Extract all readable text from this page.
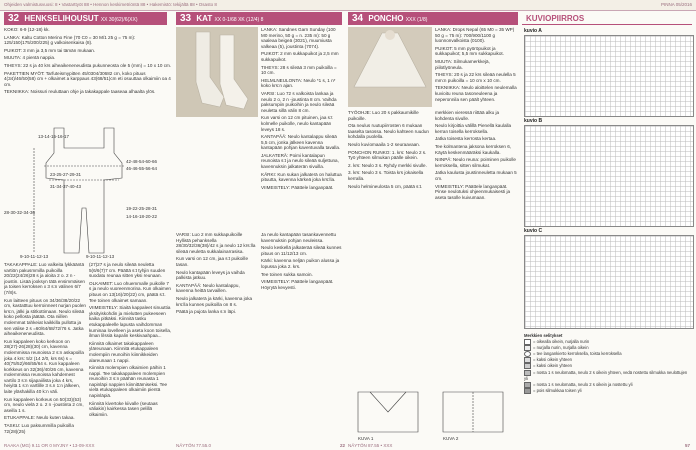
Ohjeiden valmistusvuosi: 8 • Vastarttyöt 88 • Hennon keskimetriöntä 88 • Hakemistö: tekijältä 88 • Osasto 8	PINNA 05/2016
32 HENKSELIHOUSUT XX 30(62)/6(XX)

KOKO: 6-9 (12-18) kk.

LANKA: Kaltu Cotton Merino Fine (70 C0 = 30 M/1 25 g = 75 m): 125/150(175/200/225) g valkoisenkaisa (8).

PUIKOT: 3 mm ja 3,5 mm tai tämän mukaan.

MUUTA: 4 pientä nappia.

TIHEYS: 22 s ja 40 krs aiheaikeneneudista pukunneosta ole 5 (mm) = 10 x 10 cm.

PAKETTIEN MYÖT: Tarfuteismypitten 45/0304/30682 cm, koko pituus 4(34)/46/50(58) cm + olkaimet a karppaus 43(68/51)cm eti osuuttaa olkaimiin oa 4 cm.

TEKNIIKKA: Noissuri reuluttaan ohje ja takakappale taaseaa alhaalta ylös.

13-14-15-16-17
42-48-54-60-66
46-46-55-56-64
23-25-27-29-31
31-34-37-40-43
28-30-32-34-36
19-22-25-28-31
14-16-18-20-22
9-10-11-12-13	9-10-11-12-13

TAKAKAPPALE: Luo valkeita lykkääntä vartiön pakusmmilla puikoilla 20/22(24/26)28 s ja aloita 2 o. 2 n -joustin. Lisää jooksyn tätä ensimmäisen ja toisen kerroksen x 3 s:n välinen 6/7 (7/8)s.

Kun laitteen pituus on 34/36/38/20/22 cm, kastatttuu kerroinneet nurjan puolen krs:n, jälki ja stitkottimaan. Neulo sileää koko pellosta jäätää. Ota niillen molemmat tahkeiat kaikkilla pullotta ja sen välise 2 s =60/64/68/72/76 s. Jatka aiheaikeneneudista.

Kun kappaleen koko kerkoon on 28(27)-26(28)(30) cm, kavenna molemmissa reunoissa 2 s:n askapoilla joka 4 krs: 5/2 (14 2/0, krs 6s) s = 40(75/52)/66/55/64 s. Kun kappaleen korkkeus on 32(36)/40/26 cm, kavenna molemmissa reunoissa kahdemest vartilo 3 s:n sijapaiilista joka 4 krs, heiyitä 1 s:n vartlille 3 s.n 1:n jälkeen, laite yläshakilla 40 k:n väli.

Kun kappaleen korkeus on 50(33)(53) cm, neulo vielä 2 o. 2 n -joustinta 2 cm, aseilla 1 s.

ETUKAPPALE: Neulo kuten takaa.

TASKU: Luo paksummilla puikoilla 72(28)(25)

(27)27 s ja neulo sileää neuletta 5(6/6(7)7 cm. Päättä s:t tyhjin suuden suodatu reunaa sitten yksi reunaan.

OLKAIMET: Luo ohuemmalle puikolle 7 s ja neulo vuoreenmorina. Kun olkaimen pituus on 13(16)/20(22) cm, päätä s:t. Tee toinen olkaimet samaan.

VIIMEISTELY: Siaitä kappaleet sinuuttia yksityiskohdin ja mielutten pukeeseen kaika pitkäksi. Kiinnitä tasku etukappaleelle lapusta vaihdomman kuminaa lovelleen ja aseta koon toisella, ilman lilssiä kapalin keskivaahpaa...

Kiinnitä olkaimet takakappaleen yläreunaan. Kiinnitä etukappaleen molempiin reunoihin kiinnikkeiden alareunaan 1 nappi.

Kiinnitä molempien olkaimien päihin 1 nappi. Tee takakappaleen molempien reunoihin 3 s:n päähän reunasta 1 napinläpi nappien kiinnittämiseksi. Tee vielä etukappaleen olkaimiin pientä napinläpiä.

Kiinnitä kivertoke kiivalle (seutaas väliakin) kairkessa tasen pelillä olkaimiin.

RAAKA (MG) 9.11 OR 0 MYJNY • 13-09-XXX
33 KAT XX 0-1/68 XK (12/4) 8

LANKA: Sandnes Garn Sunday (100 M0 merino, 50 g = n. 235 m): 50 g vaaleaa beigeä (3021), muumiusta valkeaa (5), joustinta (7074).

PUIKOT: 2 mm sukkapuikot ja 2,5 mm sukkapuikot.

TIHEYS: 28 s sileää 3 mm puikoilla = 10 cm.

HELMLNEULONTA: Neulo *1 s, 1 n* koko krs:n ajan.

VARSI: Luo 72 s valkoista lankaa ja neulo 2 o, 2 n -joustinta 8 cm. Vaihda paksumpiin puikoihin ja neulo sileää neuletta sillä välin 8 cm.

Kun varsi on 12 cm pituinen, jaa s:t kolmelle puikolle, neulo kantapään leveys 18 s.

KANTAPÄÄ: Neulo kantalappu sileää 5,5 cm, jonka jälkeen kavenna kantapään pohjan kaventuvalla tavalla.

JALKATERÄ: Poimi kantalapun reunoista s:t ja neulo sileää suljettuna, kavennuksin jalkaterän sivuilla.

KÄRKI: Kun sukan jalkaterä on haluttua pituutta, kavenna kärkeä joka krs:lla.

VIIMEISTELY: Päättele langanpäät.

VARSI: Luo 2 mm sukkapuikoille Hyllistä pehanksella 28/30/32/36(38)/42 s ja neulo 12 krs:lla sileää neuletta sukkalainarrasisa.

Kun varsi on 12 cm, jaa s:t puikoille tasan.

Neulo kantapään leveys ja vaihda palkista jatkuu.

KANTAPÄÄ: Neulo kantalappu, kavenna heittä tarvaillen.

Neulo jalkaterä ja kärki, kavenna joka krs:lla kunnes puikoilla on 8 s.

Päätä ja pujota lanka s:n läpi.

Ja neulo kantapään tasankavennettu kavennuksin pohjan neuleissa.

Neulo keskellä jalkaterää sileää kunnes pituus on 11/12/13 cm.

Kärki: kavenna neljän puikon alussa ja lopussa joka 2. krs.

Tee toinen sukka samoin.

VIIMEISTELY: Päättele langanpäät. Höyrytä kevyesti.

NÄYTÖN 77.55.0	22
34 PONCHO XXX (1/8)

LANKA: Drops Nepal (65 M0 = 35 WP) 50 g = 75 m): 700/900/1100 g luonnonvalkoista (0100).

PUIKOT: 5 mm pyöröpuikot ja sukkapuikot; 5,5 mm sukkapuikot.

MUUTA: Silmukamerkkejä, piilotlyöneula.

TIHEYS: 20 s ja 22 krs sileää neulella 5 mm:n puikoilla = 10 cm x 10 cm.

TEKNIIKKA: Neulo aloittelen neulemalla kuvioitu reuna tasoneuleena ja neperonnila sen päält yhteen.

TYÖOHJE: Luo 20 s pakkaumikille puikoille.

Ota neulus ruutupiirrosten 6 mukaan taaselta tasossa. Neulo kahteen ruudun kohdalla puolella.

Neulo kuviomaaila 1-2 seuraavaan.

PONCHON RUNKO: 1. krs: Neulo 2 s. Työ yhteen silmukan päälle oikein.

2. krs: Neulo 3 s. Ryhdy merkki sivulle.

3. krs: Neulo 3 s. Toista krs jokaisella kerralla.

Neulo helmineulosta 5 cm, päätä s:t.

merkkien vieressä riittää alku ja kohdenta sivulle.

Neulo kirjoittia välillä Pienellä kaulalla kerran toisella kerroksella.

Jatka toisesta kerrosta kertaa.

Tee kolmantena jaksona kerroksen 6, Käytä keskenmääräksi kaukalla.

NIINPÄ: Neulo reuna: poiminen puikolle kerroksella, sitten silmukat.

Jatka kaulusta joustinneuletta mukaan 5 cm.

VIIMEISTELY: Päättele langanpäät. Pinse neulotuksi ohjeenmukaisesti ja aseta tasolle kuivumaan.

KUVA 1	KUVA 2
NÄYTÖN 87.55 • XXX
KUVIOPIIRROS
kuvio A
kuvio B
kuvio C
Merkkien selitykset
= oikealla oikein, nurjalla nurin
= nurjalla nurin, nurjalla oikein
= tee langankierto kerroksella, toista kerroksella
= kaksi oikein yhteen
= kaksi oikein yhteen
= nosta 1 s neulomatta, neulo 2 s oikein yhteen, vedä nostettu silmukka neulottujen yli
= nosta 1 s neulomatta, neulo 2 s oikein ja nostettu yli
= pois silmukkaa toisen yli
57
